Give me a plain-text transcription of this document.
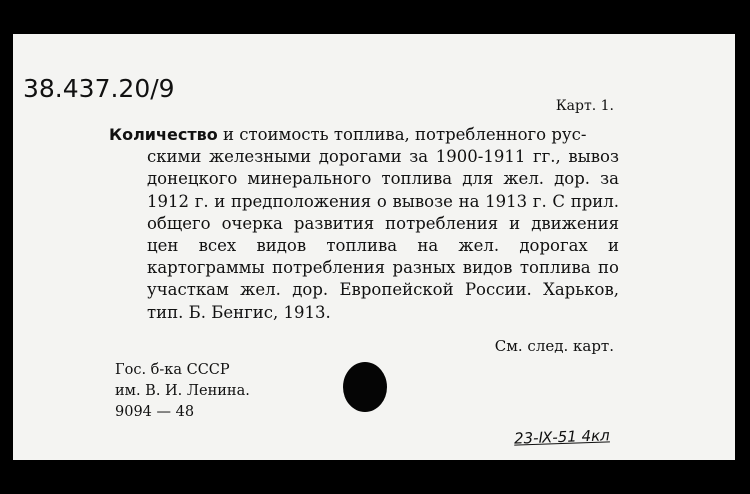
38.437.20/9
Карт. 1.
Количество и стоимость топлива, потребленного рус-
скими железными дорогами за 1900-1911 гг., вывоз донецкого минерального топлива для жел. дор. за 1912 г. и предположения о вывозе на 1913 г. С прил. общего очерка развития потребления и движения цен всех видов топлива на жел. дорогах и картограммы потребления разных видов топлива по участкам жел. дор. Европейской России. Харьков, тип. Б. Бенгис, 1913.
См. след. карт.
Гос. б-ка СССР
им. В. И. Ленина.
9094 — 48
23-Ⅸ-51 4кл
